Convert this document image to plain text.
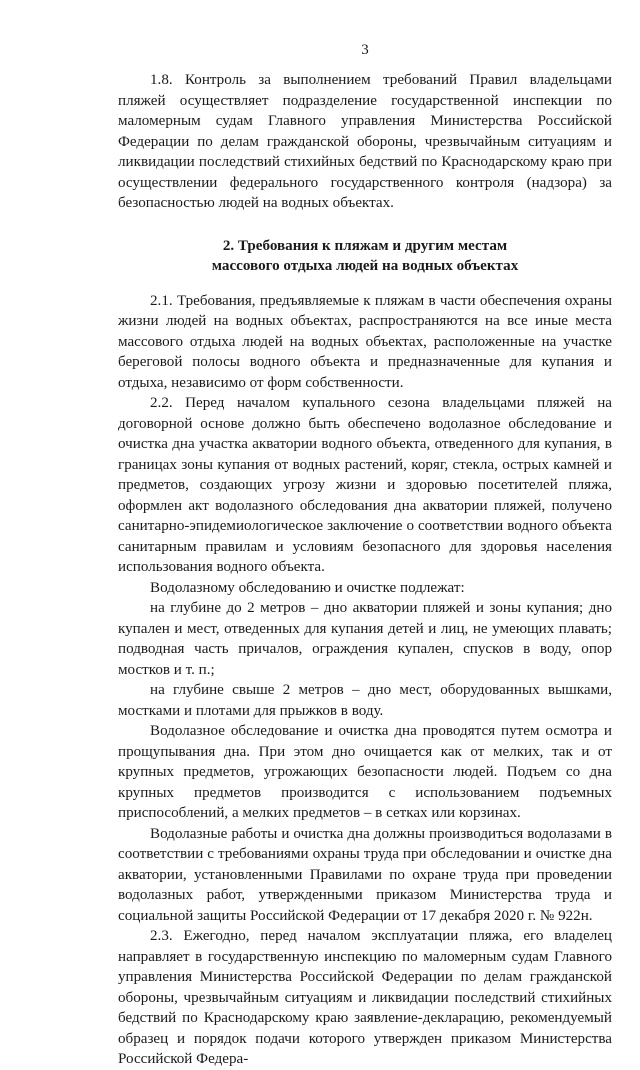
3

1.8. Контроль за выполнением требований Правил владельцами пляжей осуществляет подразделение государственной инспекции по маломерным судам Главного управления Министерства Российской Федерации по делам гражданской обороны, чрезвычайным ситуациям и ликвидации последствий стихийных бедствий по Краснодарскому краю при осуществлении федерального государственного контроля (надзора) за безопасностью людей на водных объектах.

2. Требования к пляжам и другим местам
массового отдыха людей на водных объектах

2.1. Требования, предъявляемые к пляжам в части обеспечения охраны жизни людей на водных объектах, распространяются на все иные места массового отдыха людей на водных объектах, расположенные на участке береговой полосы водного объекта и предназначенные для купания и отдыха, независимо от форм собственности.

2.2. Перед началом купального сезона владельцами пляжей на договорной основе должно быть обеспечено водолазное обследование и очистка дна участка акватории водного объекта, отведенного для купания, в границах зоны купания от водных растений, коряг, стекла, острых камней и предметов, создающих угрозу жизни и здоровью посетителей пляжа, оформлен акт водолазного обследования дна акватории пляжей, получено санитарно-эпидемиологическое заключение о соответствии водного объекта санитарным правилам и условиям безопасного для здоровья населения использования водного объекта.

Водолазному обследованию и очистке подлежат:

на глубине до 2 метров – дно акватории пляжей и зоны купания; дно купален и мест, отведенных для купания детей и лиц, не умеющих плавать; подводная часть причалов, ограждения купален, спусков в воду, опор мостков и т. п.;

на глубине свыше 2 метров – дно мест, оборудованных вышками, мостками и плотами для прыжков в воду.

Водолазное обследование и очистка дна проводятся путем осмотра и прощупывания дна. При этом дно очищается как от мелких, так и от крупных предметов, угрожающих безопасности людей. Подъем со дна крупных предметов производится с использованием подъемных приспособлений, а мелких предметов – в сетках или корзинах.

Водолазные работы и очистка дна должны производиться водолазами в соответствии с требованиями охраны труда при обследовании и очистке дна акватории, установленными Правилами по охране труда при проведении водолазных работ, утвержденными приказом Министерства труда и социальной защиты Российской Федерации от 17 декабря 2020 г. № 922н.

2.3. Ежегодно, перед началом эксплуатации пляжа, его владелец направляет в государственную инспекцию по маломерным судам Главного управления Министерства Российской Федерации по делам гражданской обороны, чрезвычайным ситуациям и ликвидации последствий стихийных бедствий по Краснодарскому краю заявление-декларацию, рекомендуемый образец и порядок подачи которого утвержден приказом Министерства Российской Федера-
